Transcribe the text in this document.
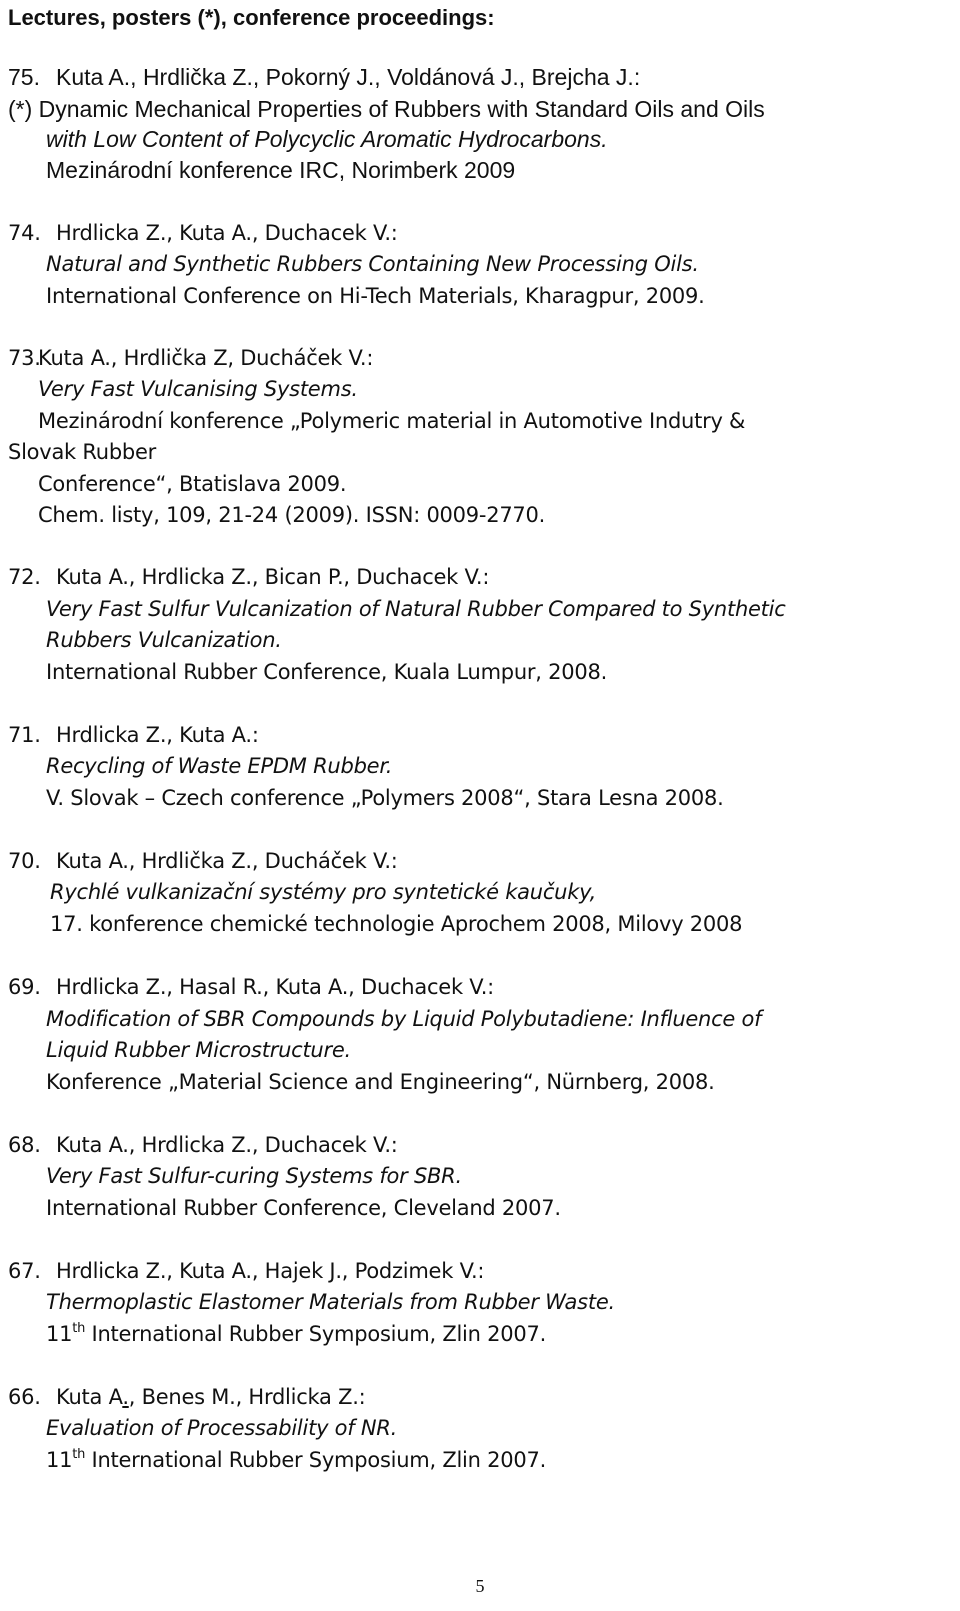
Lectures, posters (*), conference proceedings:
75. Kuta A., Hrdlička Z., Pokorný J., Voldánová J., Brejcha J.:
(*) Dynamic Mechanical Properties of Rubbers with Standard Oils and Oils
with Low Content of Polycyclic Aromatic Hydrocarbons.
Mezinárodní konference IRC, Norimberk 2009
74. Hrdlicka Z., Kuta A., Duchacek V.:
Natural and Synthetic Rubbers Containing New Processing Oils.
International Conference on Hi-Tech Materials, Kharagpur, 2009.
73.Kuta A., Hrdlička Z, Ducháček V.:
Very Fast Vulcanising Systems.
Mezinárodní konference „Polymeric material in Automotive Indutry &
Slovak Rubber
Conference“, Btatislava 2009.
Chem. listy, 109, 21-24 (2009). ISSN: 0009-2770.
72. Kuta A., Hrdlicka Z., Bican P., Duchacek V.:
Very Fast Sulfur Vulcanization of Natural Rubber Compared to Synthetic
Rubbers Vulcanization.
International Rubber Conference, Kuala Lumpur, 2008.
71. Hrdlicka Z., Kuta A.:
Recycling of Waste EPDM Rubber.
V. Slovak – Czech conference „Polymers 2008“, Stara Lesna 2008.
70. Kuta A., Hrdlička Z., Ducháček V.:
Rychlé vulkanizační systémy pro syntetické kaučuky,
17. konference chemické technologie Aprochem 2008, Milovy 2008
69. Hrdlicka Z., Hasal R., Kuta A., Duchacek V.:
Modification of SBR Compounds by Liquid Polybutadiene: Influence of
Liquid Rubber Microstructure.
Konference „Material Science and Engineering“, Nürnberg, 2008.
68. Kuta A., Hrdlicka Z., Duchacek V.:
Very Fast Sulfur-curing Systems for SBR.
International Rubber Conference, Cleveland 2007.
67. Hrdlicka Z., Kuta A., Hajek J., Podzimek V.:
Thermoplastic Elastomer Materials from Rubber Waste.
11th International Rubber Symposium, Zlin 2007.
66. Kuta A., Benes M., Hrdlicka Z.:
Evaluation of Processability of NR.
11th International Rubber Symposium, Zlin 2007.
5
